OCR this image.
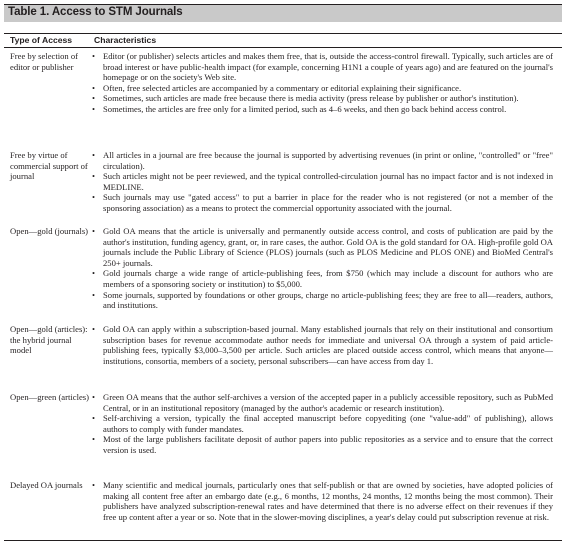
Table 1. Access to STM Journals
Type of Access	Characteristics
Free by selection of editor or publisher
• Editor (or publisher) selects articles and makes them free, that is, outside the access-control firewall. Typically, such articles are of broad interest or have public-health impact (for example, concerning H1N1 a couple of years ago) and are featured on the journal's homepage or on the society's Web site.
• Often, free selected articles are accompanied by a commentary or editorial explaining their significance.
• Sometimes, such articles are made free because there is media activity (press release by publisher or author's institution).
• Sometimes, the articles are free only for a limited period, such as 4–6 weeks, and then go back behind access control.
Free by virtue of commercial support of journal
• All articles in a journal are free because the journal is supported by advertising revenues (in print or online, "controlled" or "free" circulation).
• Such articles might not be peer reviewed, and the typical controlled-circulation journal has no impact factor and is not indexed in MEDLINE.
• Such journals may use "gated access" to put a barrier in place for the reader who is not registered (or not a member of the sponsoring association) as a means to protect the commercial opportunity associated with the journal.
Open—gold (journals) • Gold OA means that the article is universally and permanently outside access control, and costs of publication are paid by the author's institution, funding agency, grant, or, in rare cases, the author. Gold OA is the gold standard for OA. High-profile gold OA journals include the Public Library of Science (PLOS) journals (such as PLOS Medicine and PLOS ONE) and BioMed Central's 250+ journals.
• Gold journals charge a wide range of article-publishing fees, from $750 (which may include a discount for authors who are members of a sponsoring society or institution) to $5,000.
• Some journals, supported by foundations or other groups, charge no article-publishing fees; they are free to all—readers, authors, and institutions.
Open—gold (articles): the hybrid journal model
• Gold OA can apply within a subscription-based journal. Many established journals that rely on their institutional and consortium subscription bases for revenue accommodate author needs for immediate and universal OA through a system of paid article-publishing fees, typically $3,000–3,500 per article. Such articles are placed outside access control, which means that anyone—institutions, consortia, members of a society, personal subscribers—can have access from day 1.
Open—green (articles) • Green OA means that the author self-archives a version of the accepted paper in a publicly accessible repository, such as PubMed Central, or in an institutional repository (managed by the author's academic or research institution).
• Self-archiving a version, typically the final accepted manuscript before copyediting (one "value-add" of publishing), allows authors to comply with funder mandates.
• Most of the large publishers facilitate deposit of author papers into public repositories as a service and to ensure that the correct version is used.
Delayed OA journals	• Many scientific and medical journals, particularly ones that self-publish or that are owned by societies, have adopted policies of making all content free after an embargo date (e.g., 6 months, 12 months, 24 months, 12 months being the most common). Their publishers have analyzed subscription-renewal rates and have determined that there is no adverse effect on their revenues if they free up content after a year or so. Note that in the slower-moving disciplines, a year's delay could put subscription revenue at risk.
